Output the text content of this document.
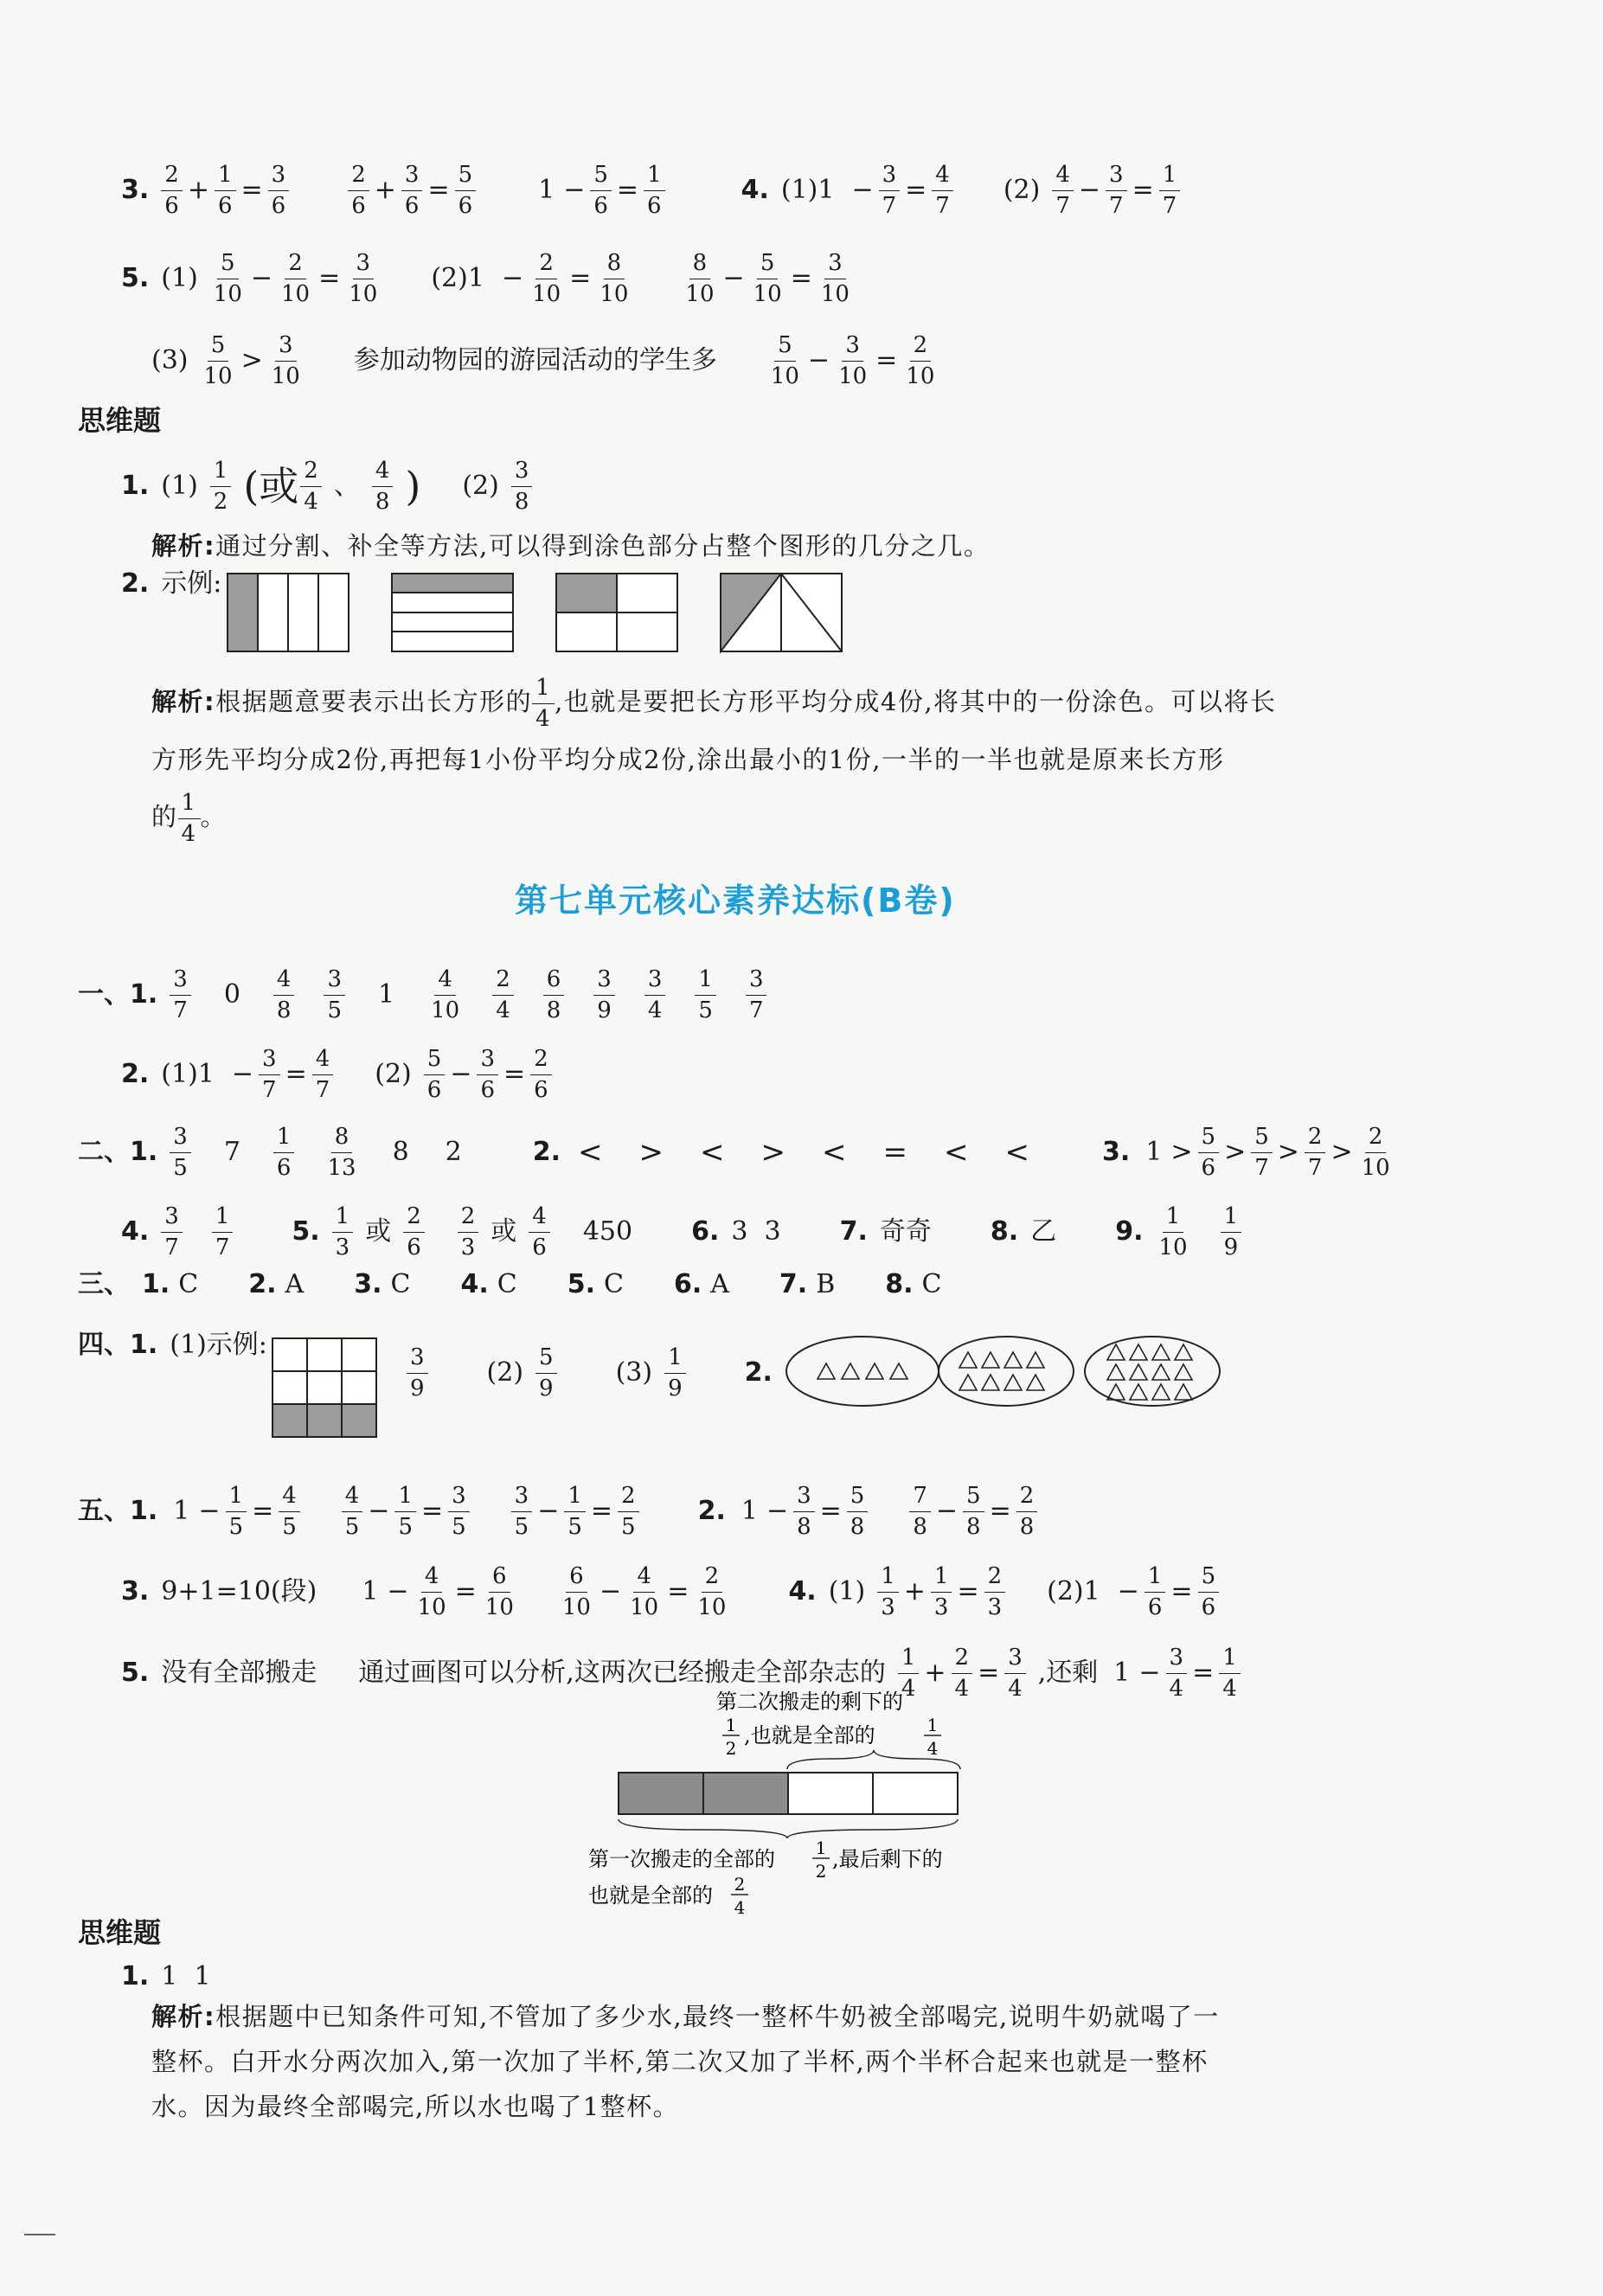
3. $\frac{2}{6} + \frac{1}{6} = \frac{3}{6}$	$\frac{2}{6} + \frac{3}{6} = \frac{5}{6} 1 - \frac{5}{6} = \frac{1}{6}$	4. $(1)1 - \frac{3}{7} = \frac{4}{7} (2) \frac{4}{7} - \frac{3}{7} = \frac{1}{7}$
5. $(1) \frac{5}{10} - \frac{2}{10} = \frac{3}{10} (2)1 - \frac{2}{10} = \frac{8}{10} \frac{8}{10} - \frac{5}{10} = \frac{3}{10}$
$(3) \frac{5}{10} > \frac{3}{10}$ 参加动物园的游园活动的学生多 $\frac{5}{10} - \frac{3}{10} = \frac{2}{10}$
思维题
1. $(1) \frac{1}{2}$ (或 $\frac{2}{4}$ 、 $\frac{4}{8}$ ) $(2) \frac{3}{8}$
解析:通过分割、补全等方法,可以得到涂色部分占整个图形的几分之几。
2. 示例:
解析:根据题意要表示出长方形的 $\frac{1}{4}$ ,也就是要把长方形平均分成4份,将其中的一份涂色。可以将长
方形先平均分成2份,再把每1小份平均分成2份,涂出最小的1份,一半的一半也就是原来长方形
的 $\frac{1}{4}$ 。
第七单元核心素养达标(B卷)
一、1. $\frac{3}{7} 0 \frac{4}{8} \frac{3}{5} 1 \frac{4}{10} \frac{2}{4} \frac{6}{8} \frac{3}{9} \frac{3}{4} \frac{1}{5} \frac{3}{7}$
2. $(1)1 - \frac{3}{7} = \frac{4}{7} (2) \frac{5}{6} - \frac{3}{6} = \frac{2}{6}$
二、1. $\frac{3}{5} 7 \frac{1}{6} \frac{8}{13} 8$ 2	2. < > < > < = < <	3. $1 > \frac{5}{6} > \frac{5}{7} > \frac{2}{7} > \frac{2}{10}$
4. $\frac{3}{7} \frac{1}{7} 5$. $\frac{1}{3}$ 或 $\frac{2}{6} \frac{2}{3}$ 或 $\frac{4}{6} 450$ 6. 3  3 7. 奇奇 8. 乙 9. $\frac{1}{10} \frac{1}{9}$
三、 1. C 2. A 3. C 4. C 5. C 6. A 7. B 8. C
四、1. (1)示例:
$\frac{3}{9} (2) \frac{5}{9} (3) \frac{1}{9} 2$.
五、1. $1 - \frac{1}{5} = \frac{4}{5} \frac{4}{5} - \frac{1}{5} = \frac{3}{5} \frac{3}{5} - \frac{1}{5} = \frac{2}{5} 2$. $1 - \frac{3}{8} = \frac{5}{8} \frac{7}{8} - \frac{5}{8} = \frac{2}{8}$
3. 9+1=10(段) $1 - \frac{4}{10} = \frac{6}{10} \frac{6}{10} - \frac{4}{10} = \frac{2}{10} 4$. $(1) \frac{1}{3} + \frac{1}{3} = \frac{2}{3} (2)1 - \frac{1}{6} = \frac{5}{6}$
5. 没有全部搬走 通过画图可以分析,这两次已经搬走全部杂志的 $\frac{1}{4} + \frac{2}{4} = \frac{3}{4}$ ,还剩 $1 - \frac{3}{4} = \frac{1}{4}$
第二次搬走的剩下的
1
2
,也就是全部的	1
4
第一次搬走的全部的 1
2 ,最后剩下的
也就是全部的 2
4
思维题
1. 1  1
解析:根据题中已知条件可知,不管加了多少水,最终一整杯牛奶被全部喝完,说明牛奶就喝了一
整杯。白开水分两次加入,第一次加了半杯,第二次又加了半杯,两个半杯合起来也就是一整杯
水。因为最终全部喝完,所以水也喝了1整杯。
